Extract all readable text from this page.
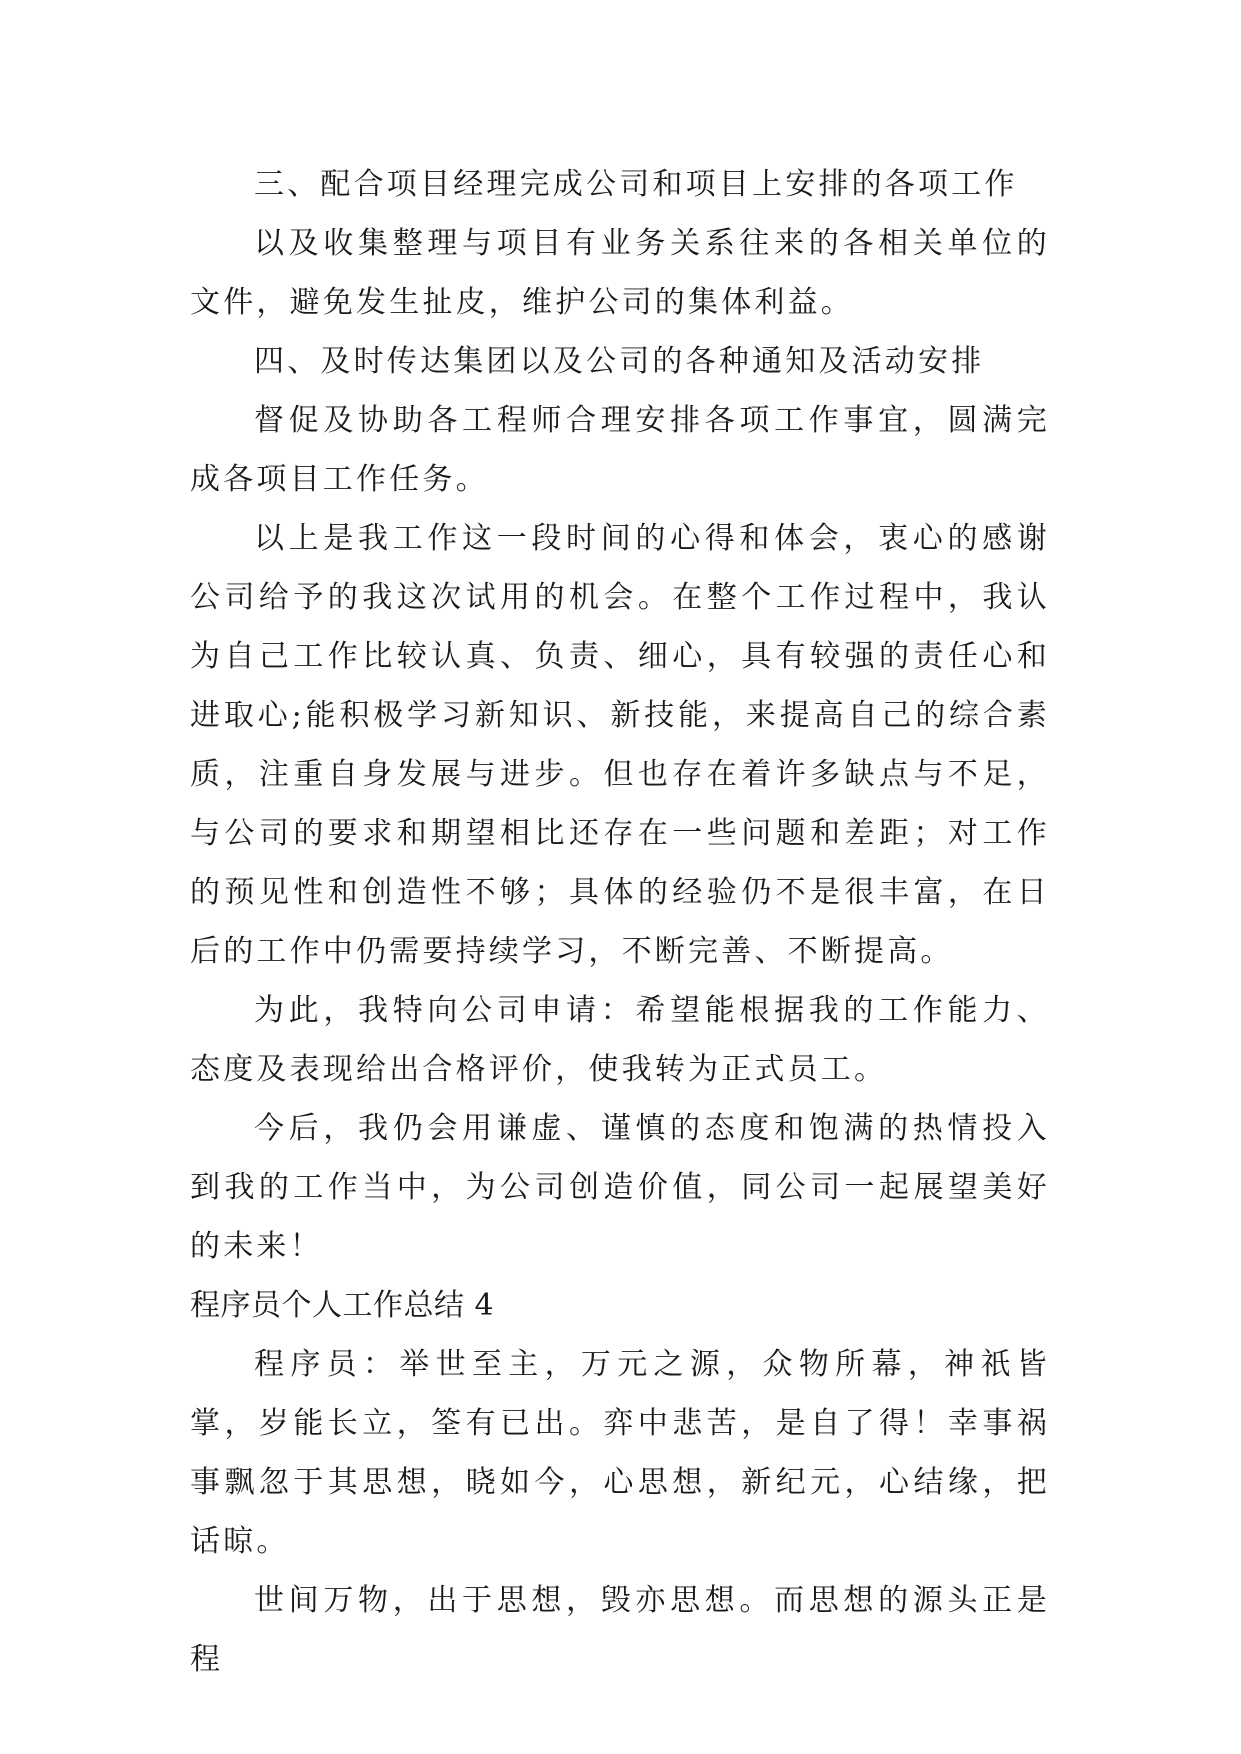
三、配合项目经理完成公司和项目上安排的各项工作

以及收集整理与项目有业务关系往来的各相关单位的文件，避免发生扯皮，维护公司的集体利益。

四、及时传达集团以及公司的各种通知及活动安排

督促及协助各工程师合理安排各项工作事宜，圆满完成各项目工作任务。

以上是我工作这一段时间的心得和体会，衷心的感谢公司给予的我这次试用的机会。在整个工作过程中，我认为自己工作比较认真、负责、细心，具有较强的责任心和进取心;能积极学习新知识、新技能，来提高自己的综合素质，注重自身发展与进步。但也存在着许多缺点与不足，与公司的要求和期望相比还存在一些问题和差距；对工作的预见性和创造性不够；具体的经验仍不是很丰富，在日后的工作中仍需要持续学习，不断完善、不断提高。

为此，我特向公司申请：希望能根据我的工作能力、态度及表现给出合格评价，使我转为正式员工。

今后，我仍会用谦虚、谨慎的态度和饱满的热情投入到我的工作当中，为公司创造价值，同公司一起展望美好的未来！

程序员个人工作总结 4

程序员：举世至主，万元之源，众物所幕，神祇皆掌，岁能长立，筌有已出。弈中悲苦，是自了得！幸事祸事飘忽于其思想，晓如今，心思想，新纪元，心结缘，把话晾。

世间万物，出于思想，毁亦思想。而思想的源头正是程
